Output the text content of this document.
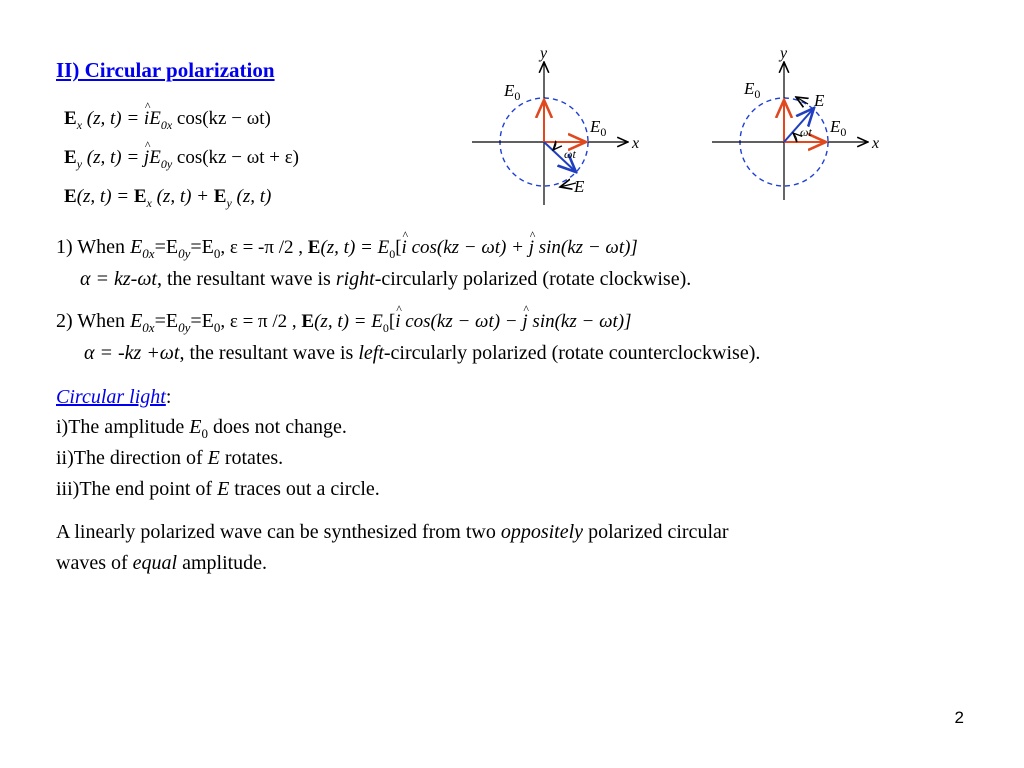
II) Circular polarization
$E_x$ (z, t) = ^ $iE_{0x}$ cos(kz − ωt)
$E_y$ (z, t) = ^ $jE_{0y}$ cos(kz − ωt + ε)
E(z, $t) = E_x$ (z, $t) + E_y$ (z, t)
y
x
$E_0$
$E_0$
ωt
E
y
x
$E_0$
$E_0$
ωt
E
1) When $E_{0x}=E_{0y}=E_0$, ε = -π /2 , E(z, $t) = E_0[\^{}$ i cos(kz − ωt) + ^ j sin(kz − ωt)]
α = kz-ωt, the resultant wave is right-circularly polarized (rotate clockwise).
2) When $E_{0x}=E_{0y}=E_0$, ε = π /2 , E(z, $t) = E_0[\^{}$ i cos(kz − ωt) − ^ j sin(kz − ωt)]
α = -kz +ωt, the resultant wave is left-circularly polarized (rotate counterclockwise).
Circular light:
i)The amplitude $E_0$ does not change.
ii)The direction of E rotates.
iii)The end point of E traces out a circle.
A linearly polarized wave can be synthesized from two oppositely polarized circular
waves of equal amplitude.
2
